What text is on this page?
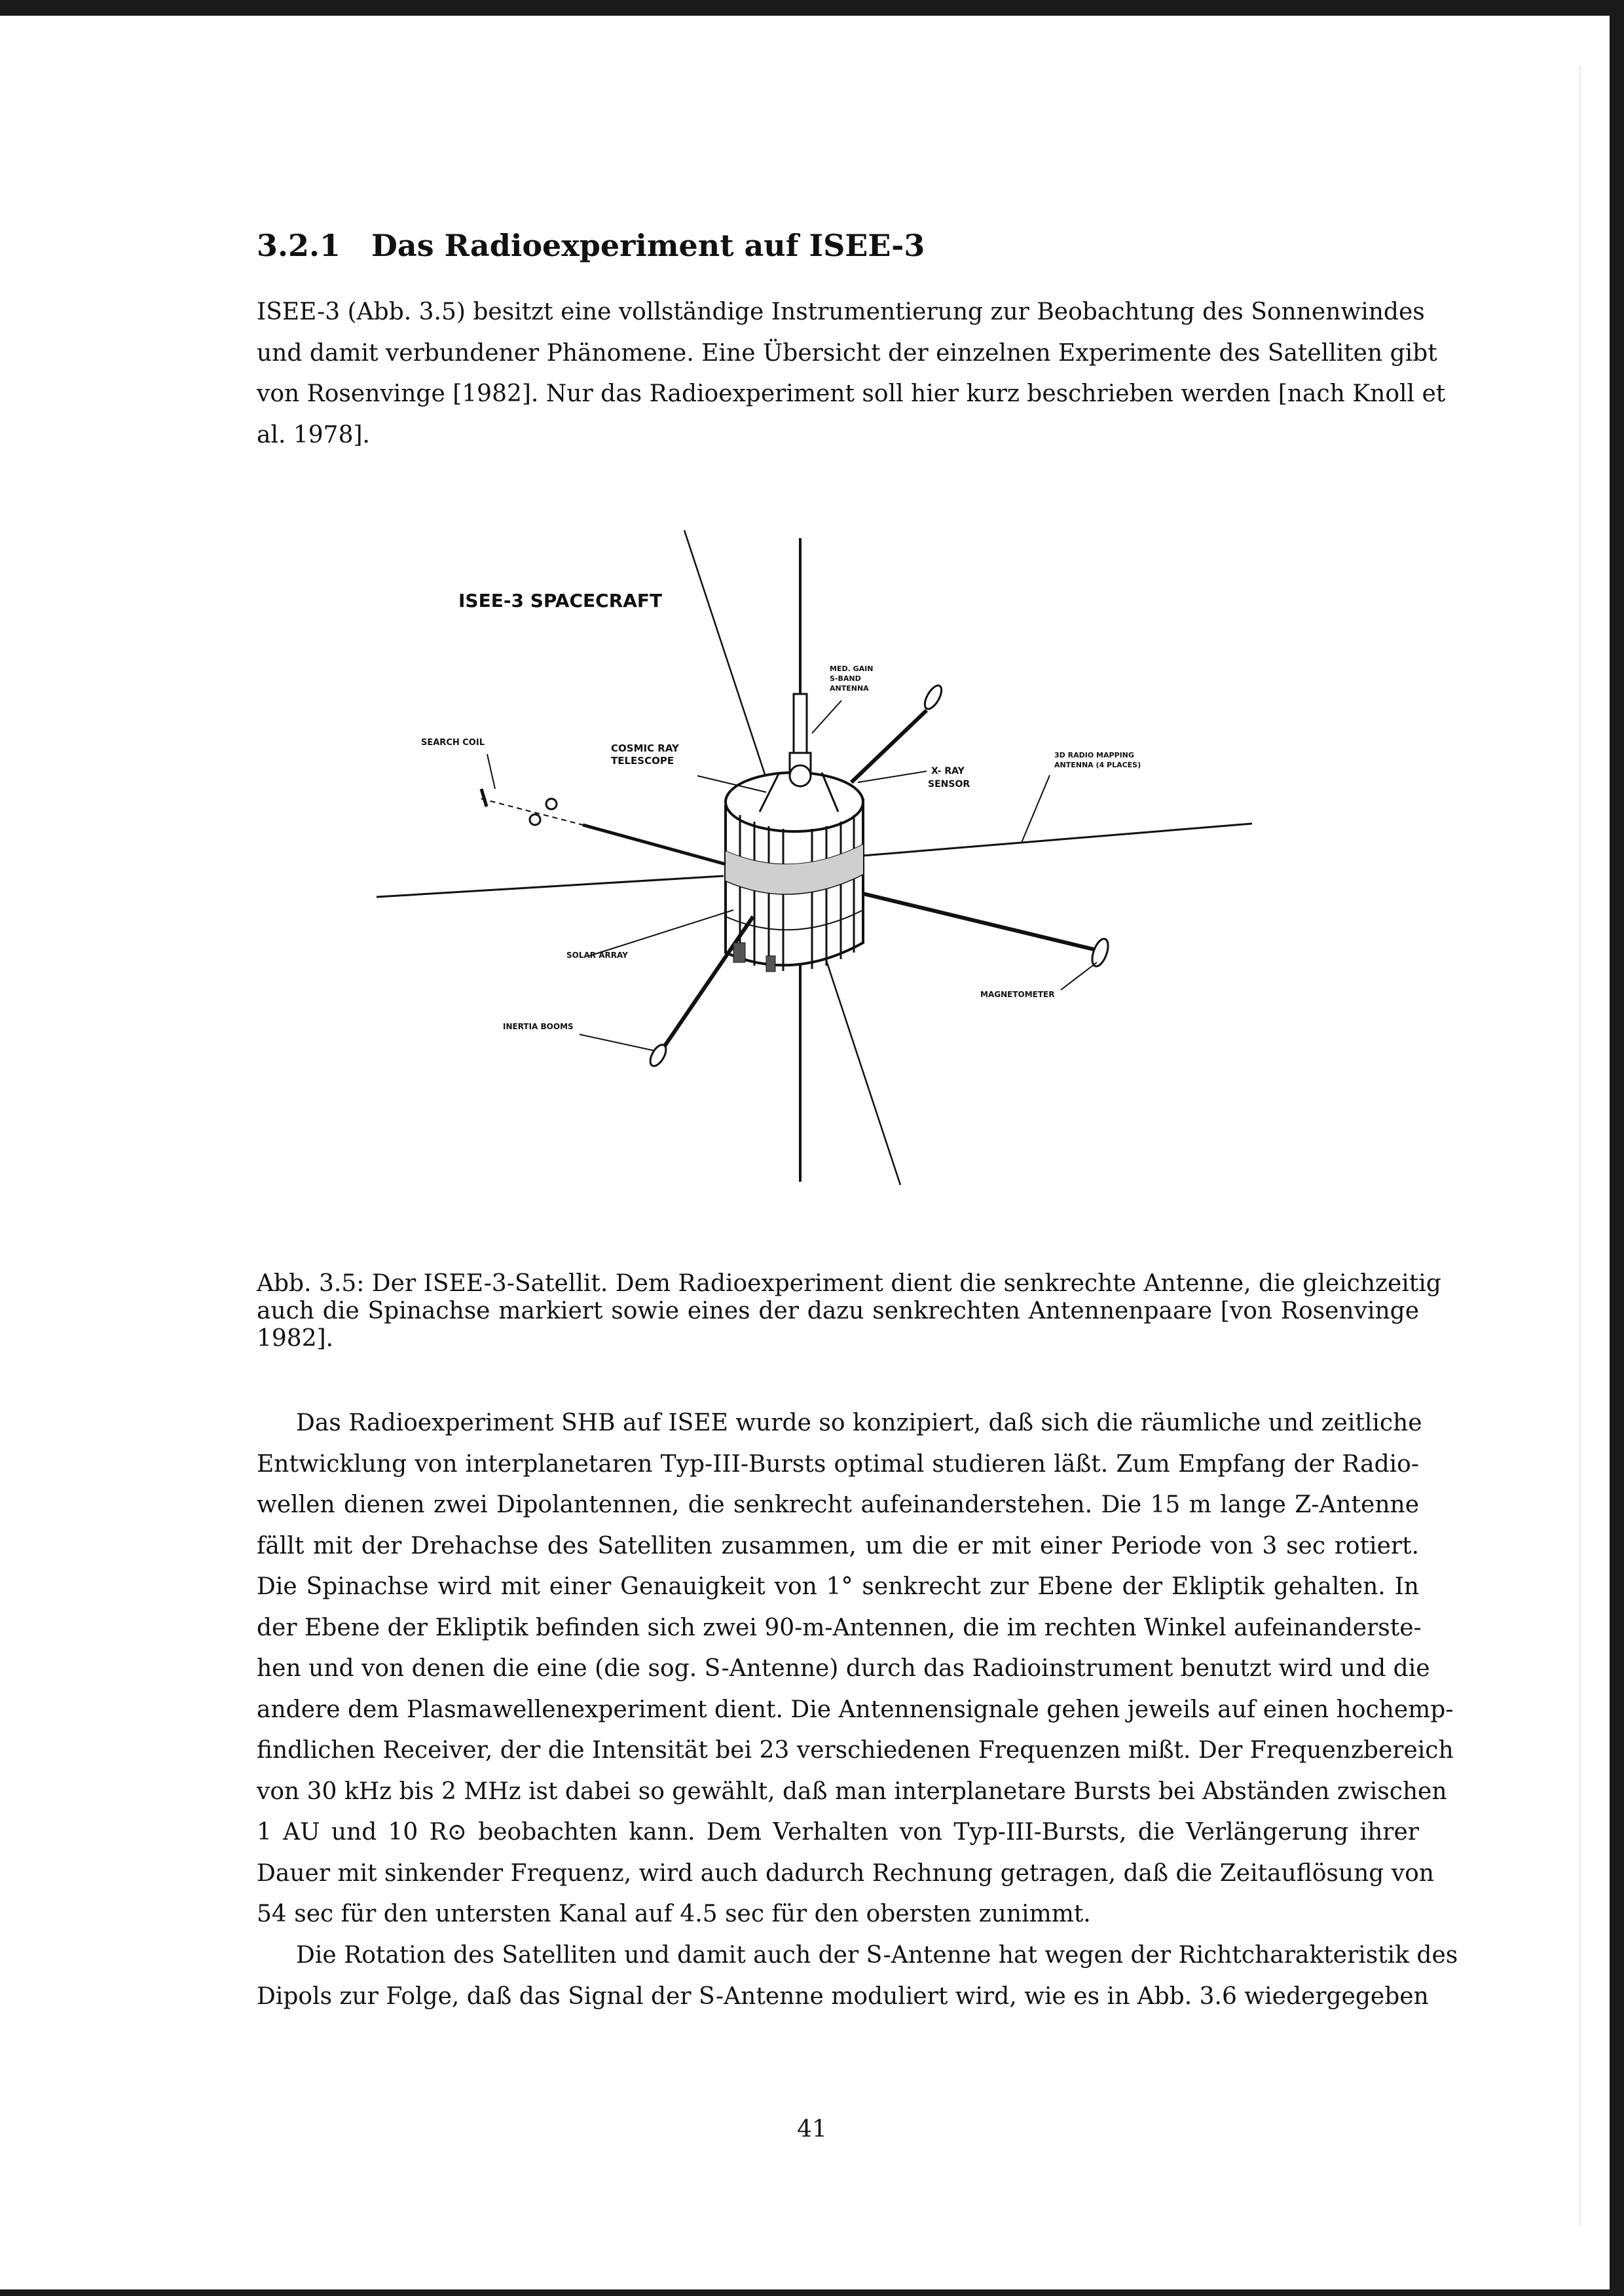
3.2.1 Das Radioexperiment auf ISEE-3
ISEE-3 (Abb. 3.5) besitzt eine vollständige Instrumentierung zur Beobachtung des Sonnenwindes
und damit verbundener Phänomene. Eine Übersicht der einzelnen Experimente des Satelliten gibt
von Rosenvinge [1982]. Nur das Radioexperiment soll hier kurz beschrieben werden [nach Knoll et
al. 1978].
ISEE-3 SPACECRAFT
SEARCH COIL	COSMIC RAY
TELESCOPE
MED. GAIN
S-BAND
ANTENNA
X- RAY
SENSOR
3D RADIO MAPPING
ANTENNA (4 PLACES)
SOLAR ARRAY
MAGNETOMETER
INERTIA BOOMS
Abb. 3.5: Der ISEE-3-Satellit. Dem Radioexperiment dient die senkrechte Antenne, die gleichzeitig
auch die Spinachse markiert sowie eines der dazu senkrechten Antennenpaare [von Rosenvinge
1982].
Das Radioexperiment SHB auf ISEE wurde so konzipiert, daß sich die räumliche und zeitliche
Entwicklung von interplanetaren Typ-III-Bursts optimal studieren läßt. Zum Empfang der Radio-
wellen dienen zwei Dipolantennen, die senkrecht aufeinanderstehen. Die 15 m lange Z-Antenne
fällt mit der Drehachse des Satelliten zusammen, um die er mit einer Periode von 3 sec rotiert.
Die Spinachse wird mit einer Genauigkeit von 1° senkrecht zur Ebene der Ekliptik gehalten. In
der Ebene der Ekliptik befinden sich zwei 90-m-Antennen, die im rechten Winkel aufeinanderste-
hen und von denen die eine (die sog. S-Antenne) durch das Radioinstrument benutzt wird und die
andere dem Plasmawellenexperiment dient. Die Antennensignale gehen jeweils auf einen hochemp-
findlichen Receiver, der die Intensität bei 23 verschiedenen Frequenzen mißt. Der Frequenzbereich
von 30 kHz bis 2 MHz ist dabei so gewählt, daß man interplanetare Bursts bei Abständen zwischen
1 AU und 10 R⊙ beobachten kann. Dem Verhalten von Typ-III-Bursts, die Verlängerung ihrer
Dauer mit sinkender Frequenz, wird auch dadurch Rechnung getragen, daß die Zeitauflösung von
54 sec für den untersten Kanal auf 4.5 sec für den obersten zunimmt.
Die Rotation des Satelliten und damit auch der S-Antenne hat wegen der Richtcharakteristik des
Dipols zur Folge, daß das Signal der S-Antenne moduliert wird, wie es in Abb. 3.6 wiedergegeben

41
